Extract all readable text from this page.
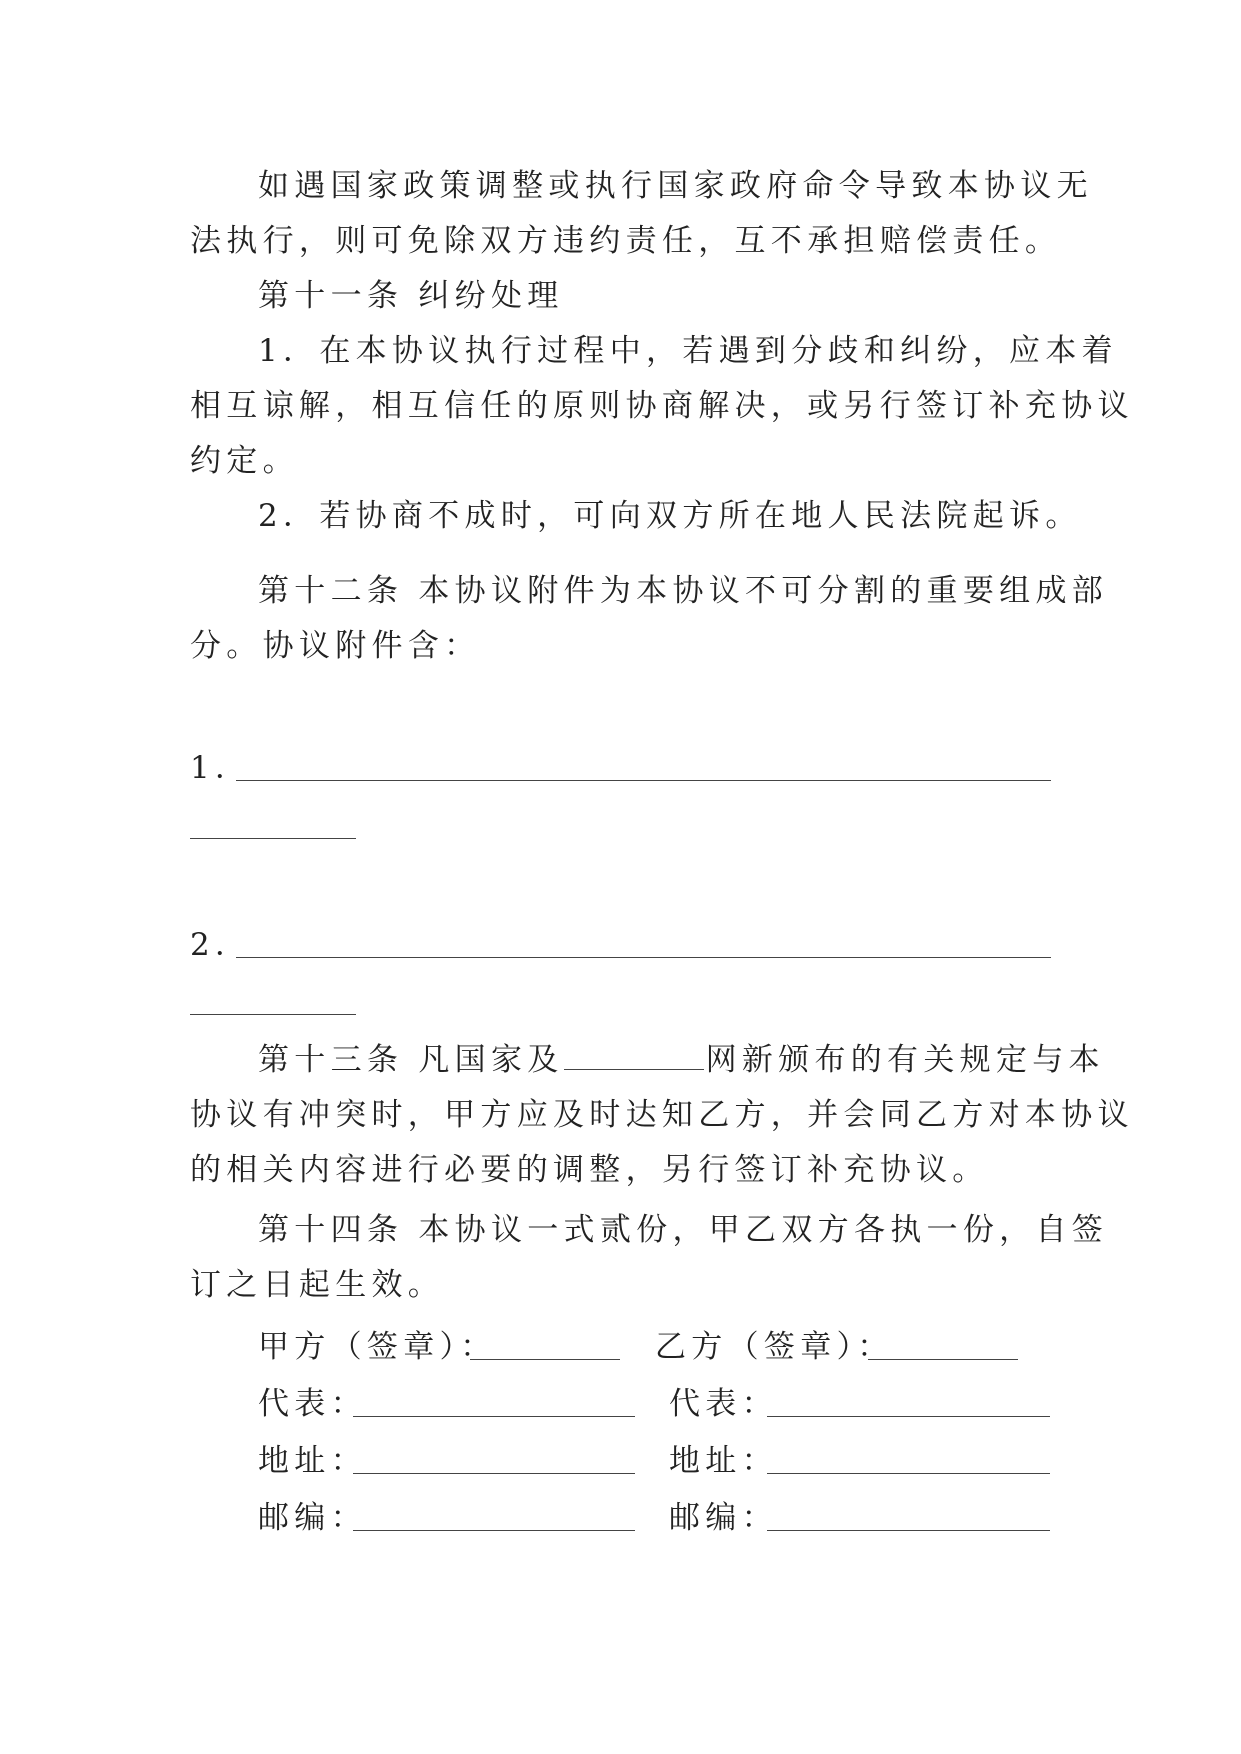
如遇国家政策调整或执行国家政府命令导致本协议无

法执行，则可免除双方违约责任，互不承担赔偿责任。

第十一条 纠纷处理

1．在本协议执行过程中，若遇到分歧和纠纷，应本着

相互谅解，相互信任的原则协商解决，或另行签订补充协议

约定。

2．若协商不成时，可向双方所在地人民法院起诉。

第十二条 本协议附件为本协议不可分割的重要组成部

分。协议附件含：

1．
2．

第十三条 凡国家及	网新颁布的有关规定与本

协议有冲突时，甲方应及时达知乙方，并会同乙方对本协议

的相关内容进行必要的调整，另行签订补充协议。

第十四条 本协议一式贰份，甲乙双方各执一份，自签

订之日起生效。

甲方（签章）：	乙方（签章）：
代表：	代表：
地址：	地址：
邮编：	邮编：
